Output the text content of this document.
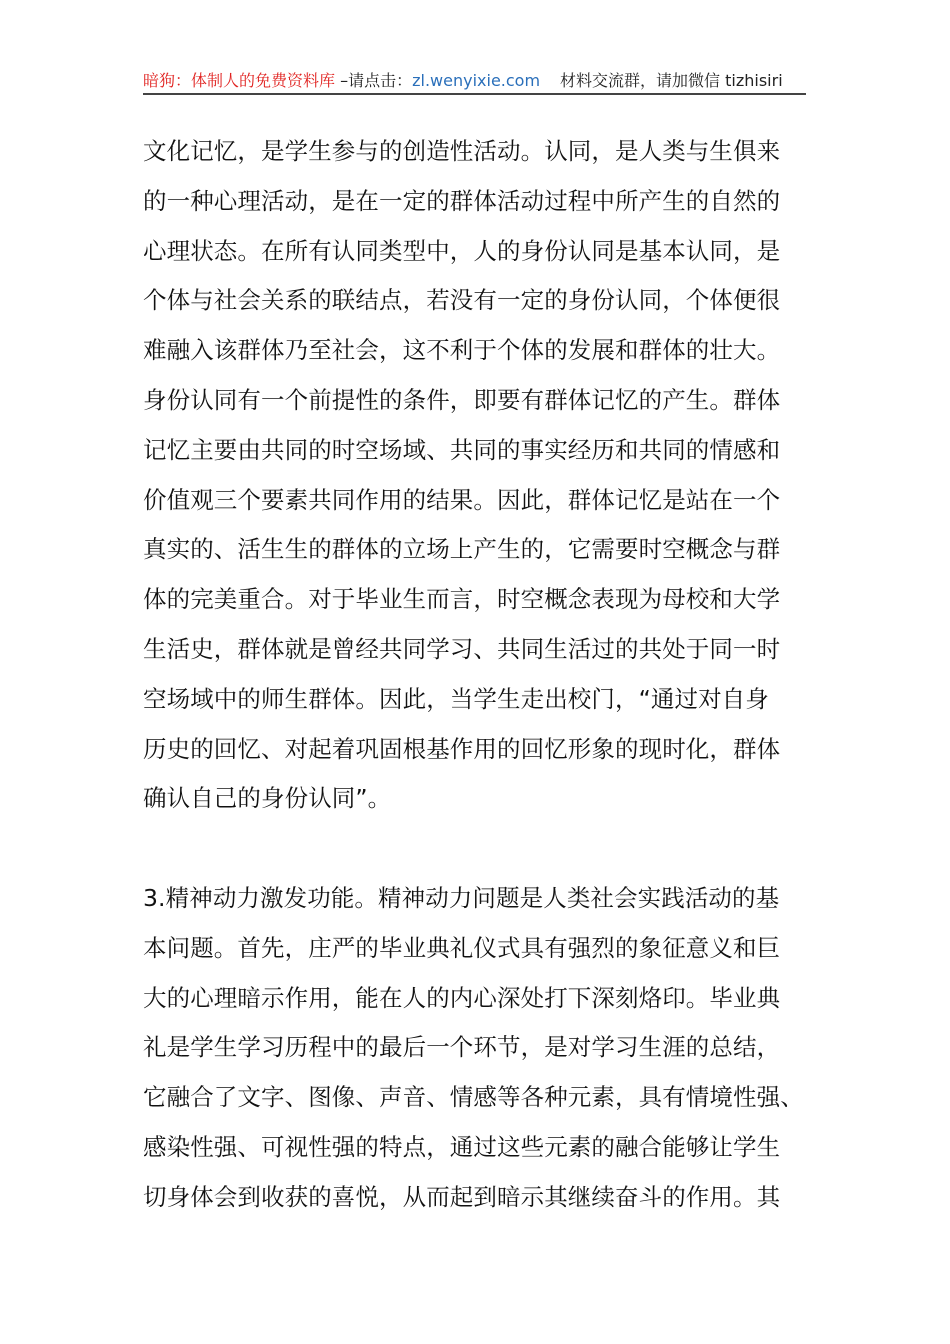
暗狗：体制人的免费资料库 –请点击：zl.wenyixie.com 材料交流群，请加微信 tizhisiri
文化记忆，是学生参与的创造性活动。认同，是人类与生俱来
的一种心理活动，是在一定的群体活动过程中所产生的自然的
心理状态。在所有认同类型中，人的身份认同是基本认同，是
个体与社会关系的联结点，若没有一定的身份认同，个体便很
难融入该群体乃至社会，这不利于个体的发展和群体的壮大。
身份认同有一个前提性的条件，即要有群体记忆的产生。群体
记忆主要由共同的时空场域、共同的事实经历和共同的情感和
价值观三个要素共同作用的结果。因此，群体记忆是站在一个
真实的、活生生的群体的立场上产生的，它需要时空概念与群
体的完美重合。对于毕业生而言，时空概念表现为母校和大学
生活史，群体就是曾经共同学习、共同生活过的共处于同一时
空场域中的师生群体。因此，当学生走出校门，“通过对自身
历史的回忆、对起着巩固根基作用的回忆形象的现时化，群体
确认自己的身份认同”。
3.精神动力激发功能。精神动力问题是人类社会实践活动的基
本问题。首先，庄严的毕业典礼仪式具有强烈的象征意义和巨
大的心理暗示作用，能在人的内心深处打下深刻烙印。毕业典
礼是学生学习历程中的最后一个环节，是对学习生涯的总结，
它融合了文字、图像、声音、情感等各种元素，具有情境性强、
感染性强、可视性强的特点，通过这些元素的融合能够让学生
切身体会到收获的喜悦，从而起到暗示其继续奋斗的作用。其
